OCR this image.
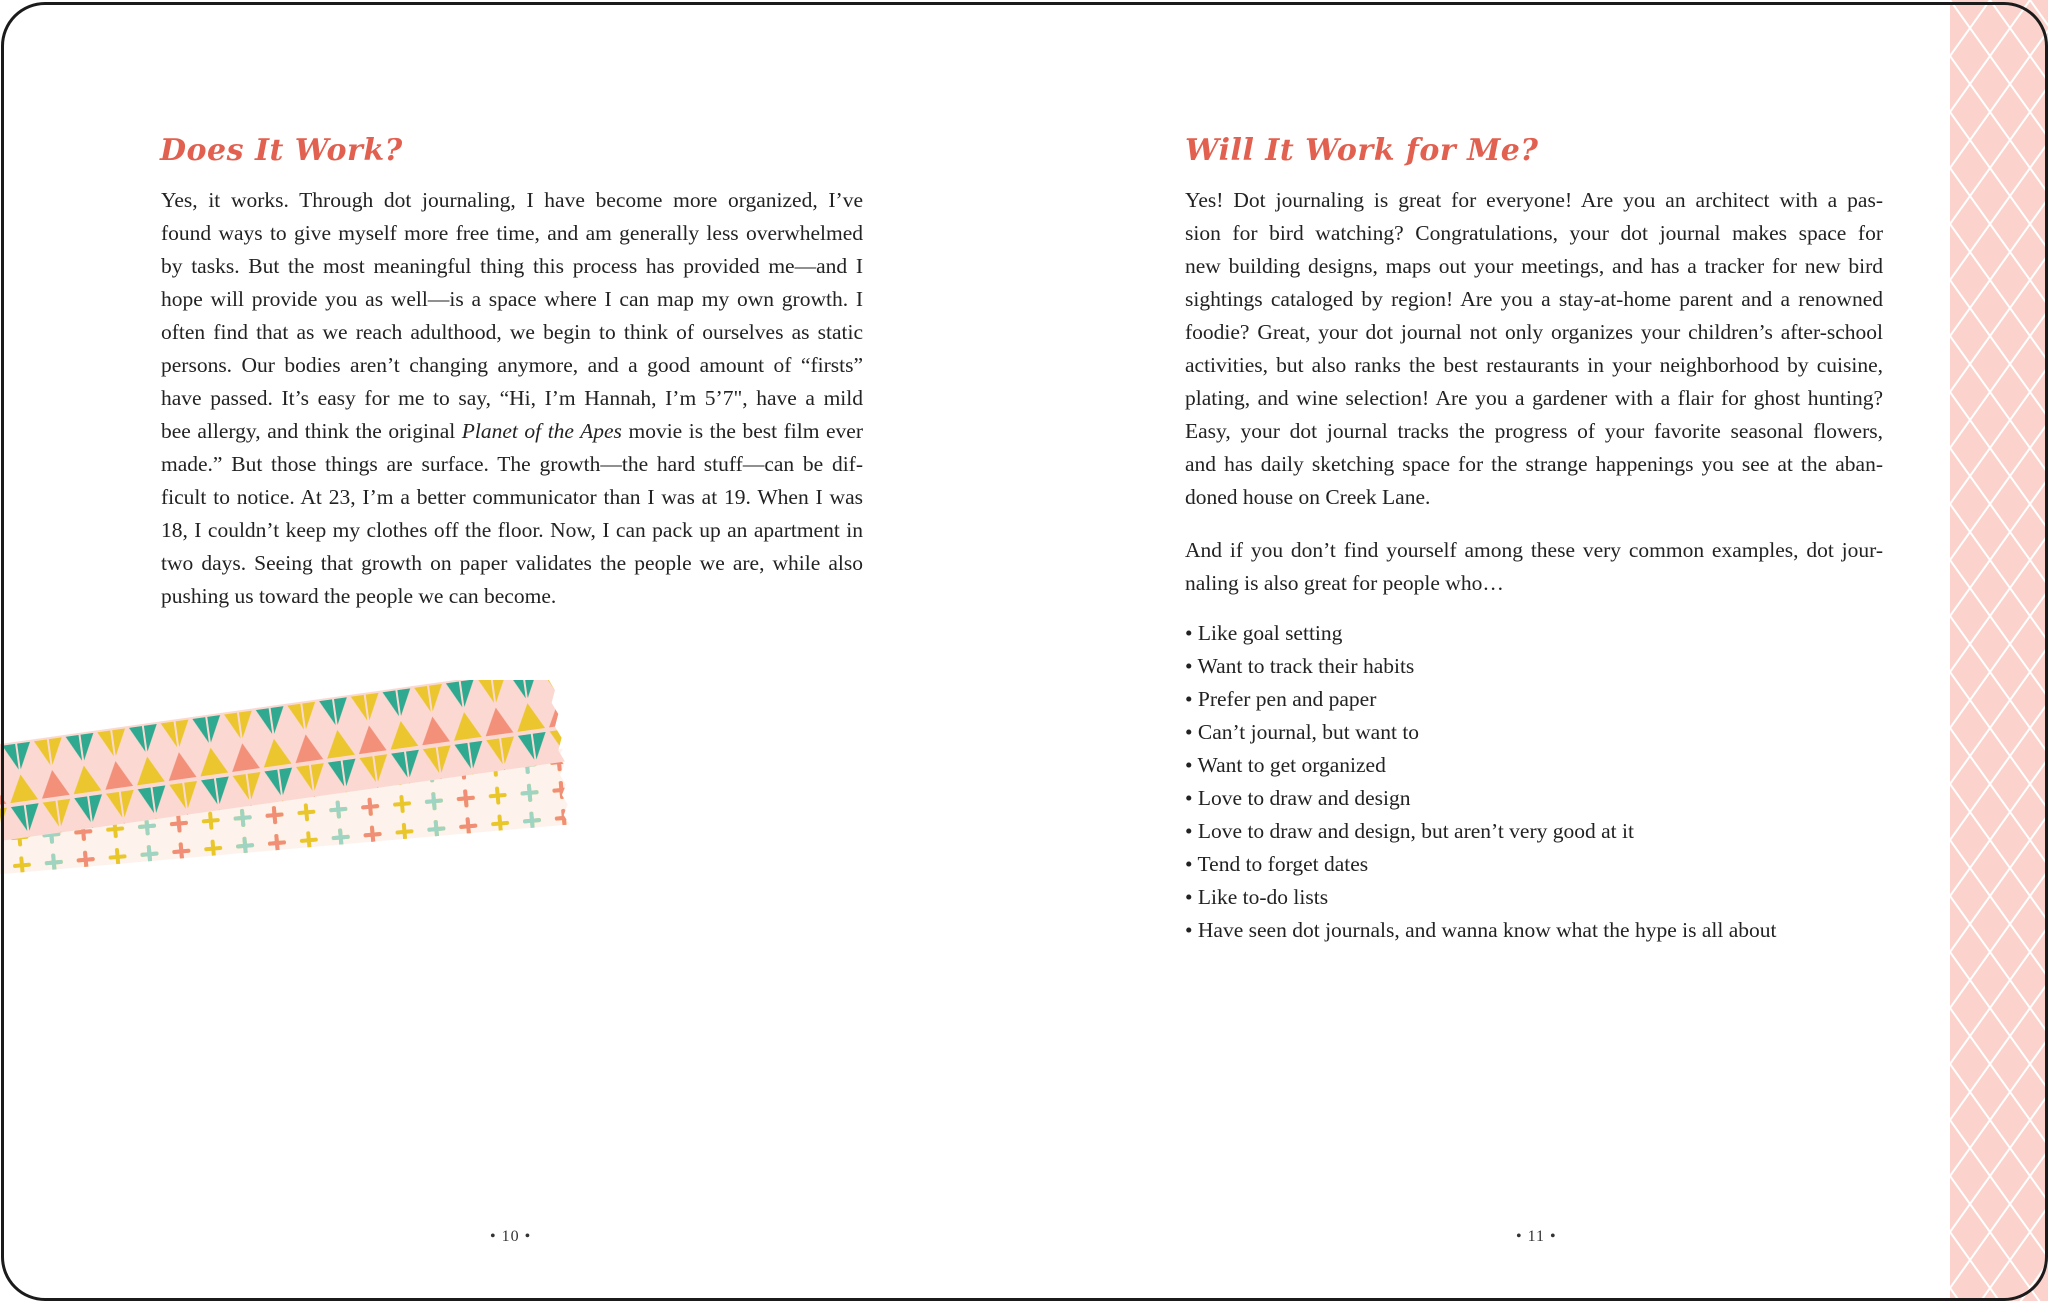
Does It Work?
Yes, it works. Through dot journaling, I have become more organized, I’ve
found ways to give myself more free time, and am generally less overwhelmed
by tasks. But the most meaningful thing this process has provided me—and I
hope will provide you as well—is a space where I can map my own growth. I
often find that as we reach adulthood, we begin to think of ourselves as static
persons. Our bodies aren’t changing anymore, and a good amount of “firsts”
have passed. It’s easy for me to say, “Hi, I’m Hannah, I’m 5’7", have a mild
bee allergy, and think the original Planet of the Apes movie is the best film ever
made.” But those things are surface. The growth—the hard stuff—can be dif-
ficult to notice. At 23, I’m a better communicator than I was at 19. When I was
18, I couldn’t keep my clothes off the floor. Now, I can pack up an apartment in
two days. Seeing that growth on paper validates the people we are, while also
pushing us toward the people we can become.
• 10 •
Will It Work for Me?
Yes! Dot journaling is great for everyone! Are you an architect with a pas-
sion for bird watching? Congratulations, your dot journal makes space for
new building designs, maps out your meetings, and has a tracker for new bird
sightings cataloged by region! Are you a stay-at-home parent and a renowned
foodie? Great, your dot journal not only organizes your children’s after-school
activities, but also ranks the best restaurants in your neighborhood by cuisine,
plating, and wine selection! Are you a gardener with a flair for ghost hunting?
Easy, your dot journal tracks the progress of your favorite seasonal flowers,
and has daily sketching space for the strange happenings you see at the aban-
doned house on Creek Lane.
And if you don’t find yourself among these very common examples, dot jour-
naling is also great for people who…
• Like goal setting
• Want to track their habits
• Prefer pen and paper
• Can’t journal, but want to
• Want to get organized
• Love to draw and design
• Love to draw and design, but aren’t very good at it
• Tend to forget dates
• Like to-do lists
• Have seen dot journals, and wanna know what the hype is all about
• 11 •
